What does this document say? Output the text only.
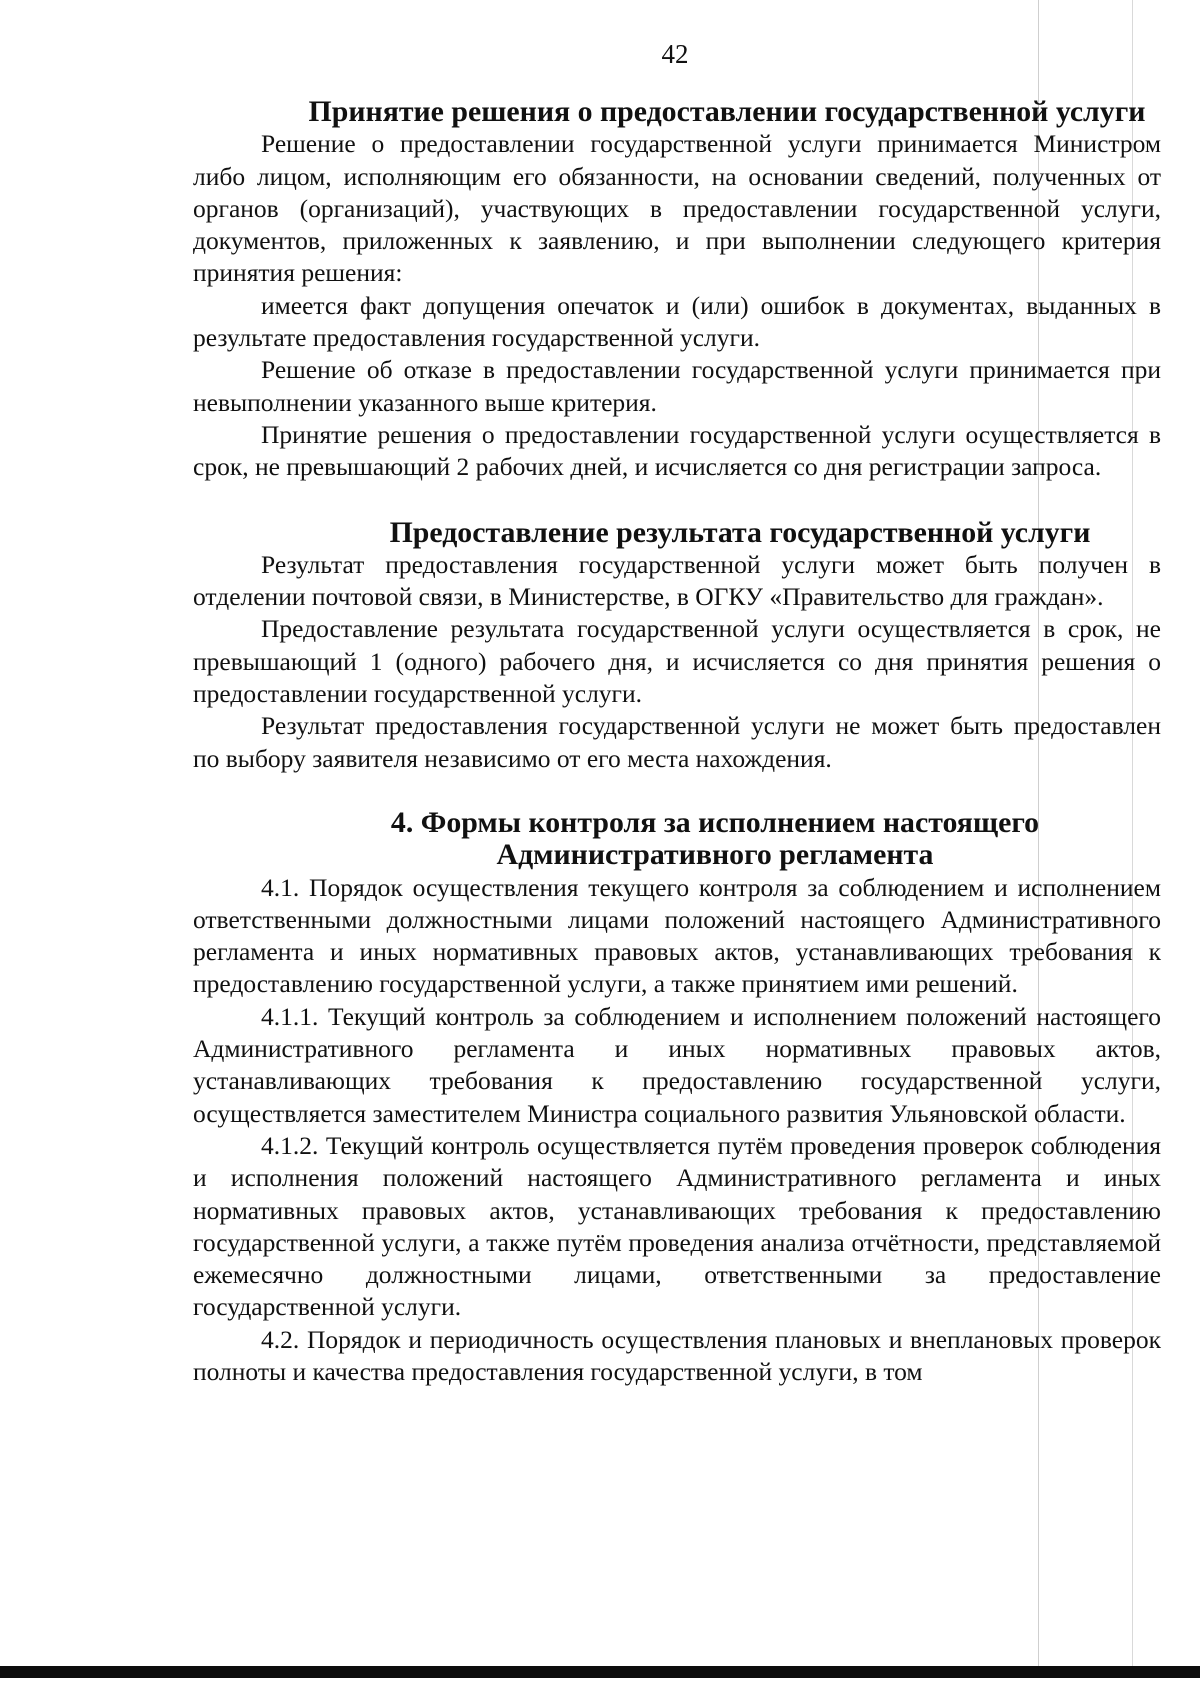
42
Принятие решения о предоставлении государственной услуги

Решение о предоставлении государственной услуги принимается Министром либо лицом, исполняющим его обязанности, на основании сведений, полученных от органов (организаций), участвующих в предоставлении государственной услуги, документов, приложенных к заявлению, и при выполнении следующего критерия принятия решения:

имеется факт допущения опечаток и (или) ошибок в документах, выданных в результате предоставления государственной услуги.

Решение об отказе в предоставлении государственной услуги принимается при невыполнении указанного выше критерия.

Принятие решения о предоставлении государственной услуги осуществляется в срок, не превышающий 2 рабочих дней, и исчисляется со дня регистрации запроса.

Предоставление результата государственной услуги

Результат предоставления государственной услуги может быть получен в отделении почтовой связи, в Министерстве, в ОГКУ «Правительство для граждан».

Предоставление результата государственной услуги осуществляется в срок, не превышающий 1 (одного) рабочего дня, и исчисляется со дня принятия решения о предоставлении государственной услуги.

Результат предоставления государственной услуги не может быть предоставлен по выбору заявителя независимо от его места нахождения.

4. Формы контроля за исполнением настоящего Административного регламента

4.1. Порядок осуществления текущего контроля за соблюдением и исполнением ответственными должностными лицами положений настоящего Административного регламента и иных нормативных правовых актов, устанавливающих требования к предоставлению государственной услуги, а также принятием ими решений.

4.1.1. Текущий контроль за соблюдением и исполнением положений настоящего Административного регламента и иных нормативных правовых актов, устанавливающих требования к предоставлению государственной услуги, осуществляется заместителем Министра социального развития Ульяновской области.

4.1.2. Текущий контроль осуществляется путём проведения проверок соблюдения и исполнения положений настоящего Административного регламента и иных нормативных правовых актов, устанавливающих требования к предоставлению государственной услуги, а также путём проведения анализа отчётности, представляемой ежемесячно должностными лицами, ответственными за предоставление государственной услуги.

4.2. Порядок и периодичность осуществления плановых и внеплановых проверок полноты и качества предоставления государственной услуги, в том
